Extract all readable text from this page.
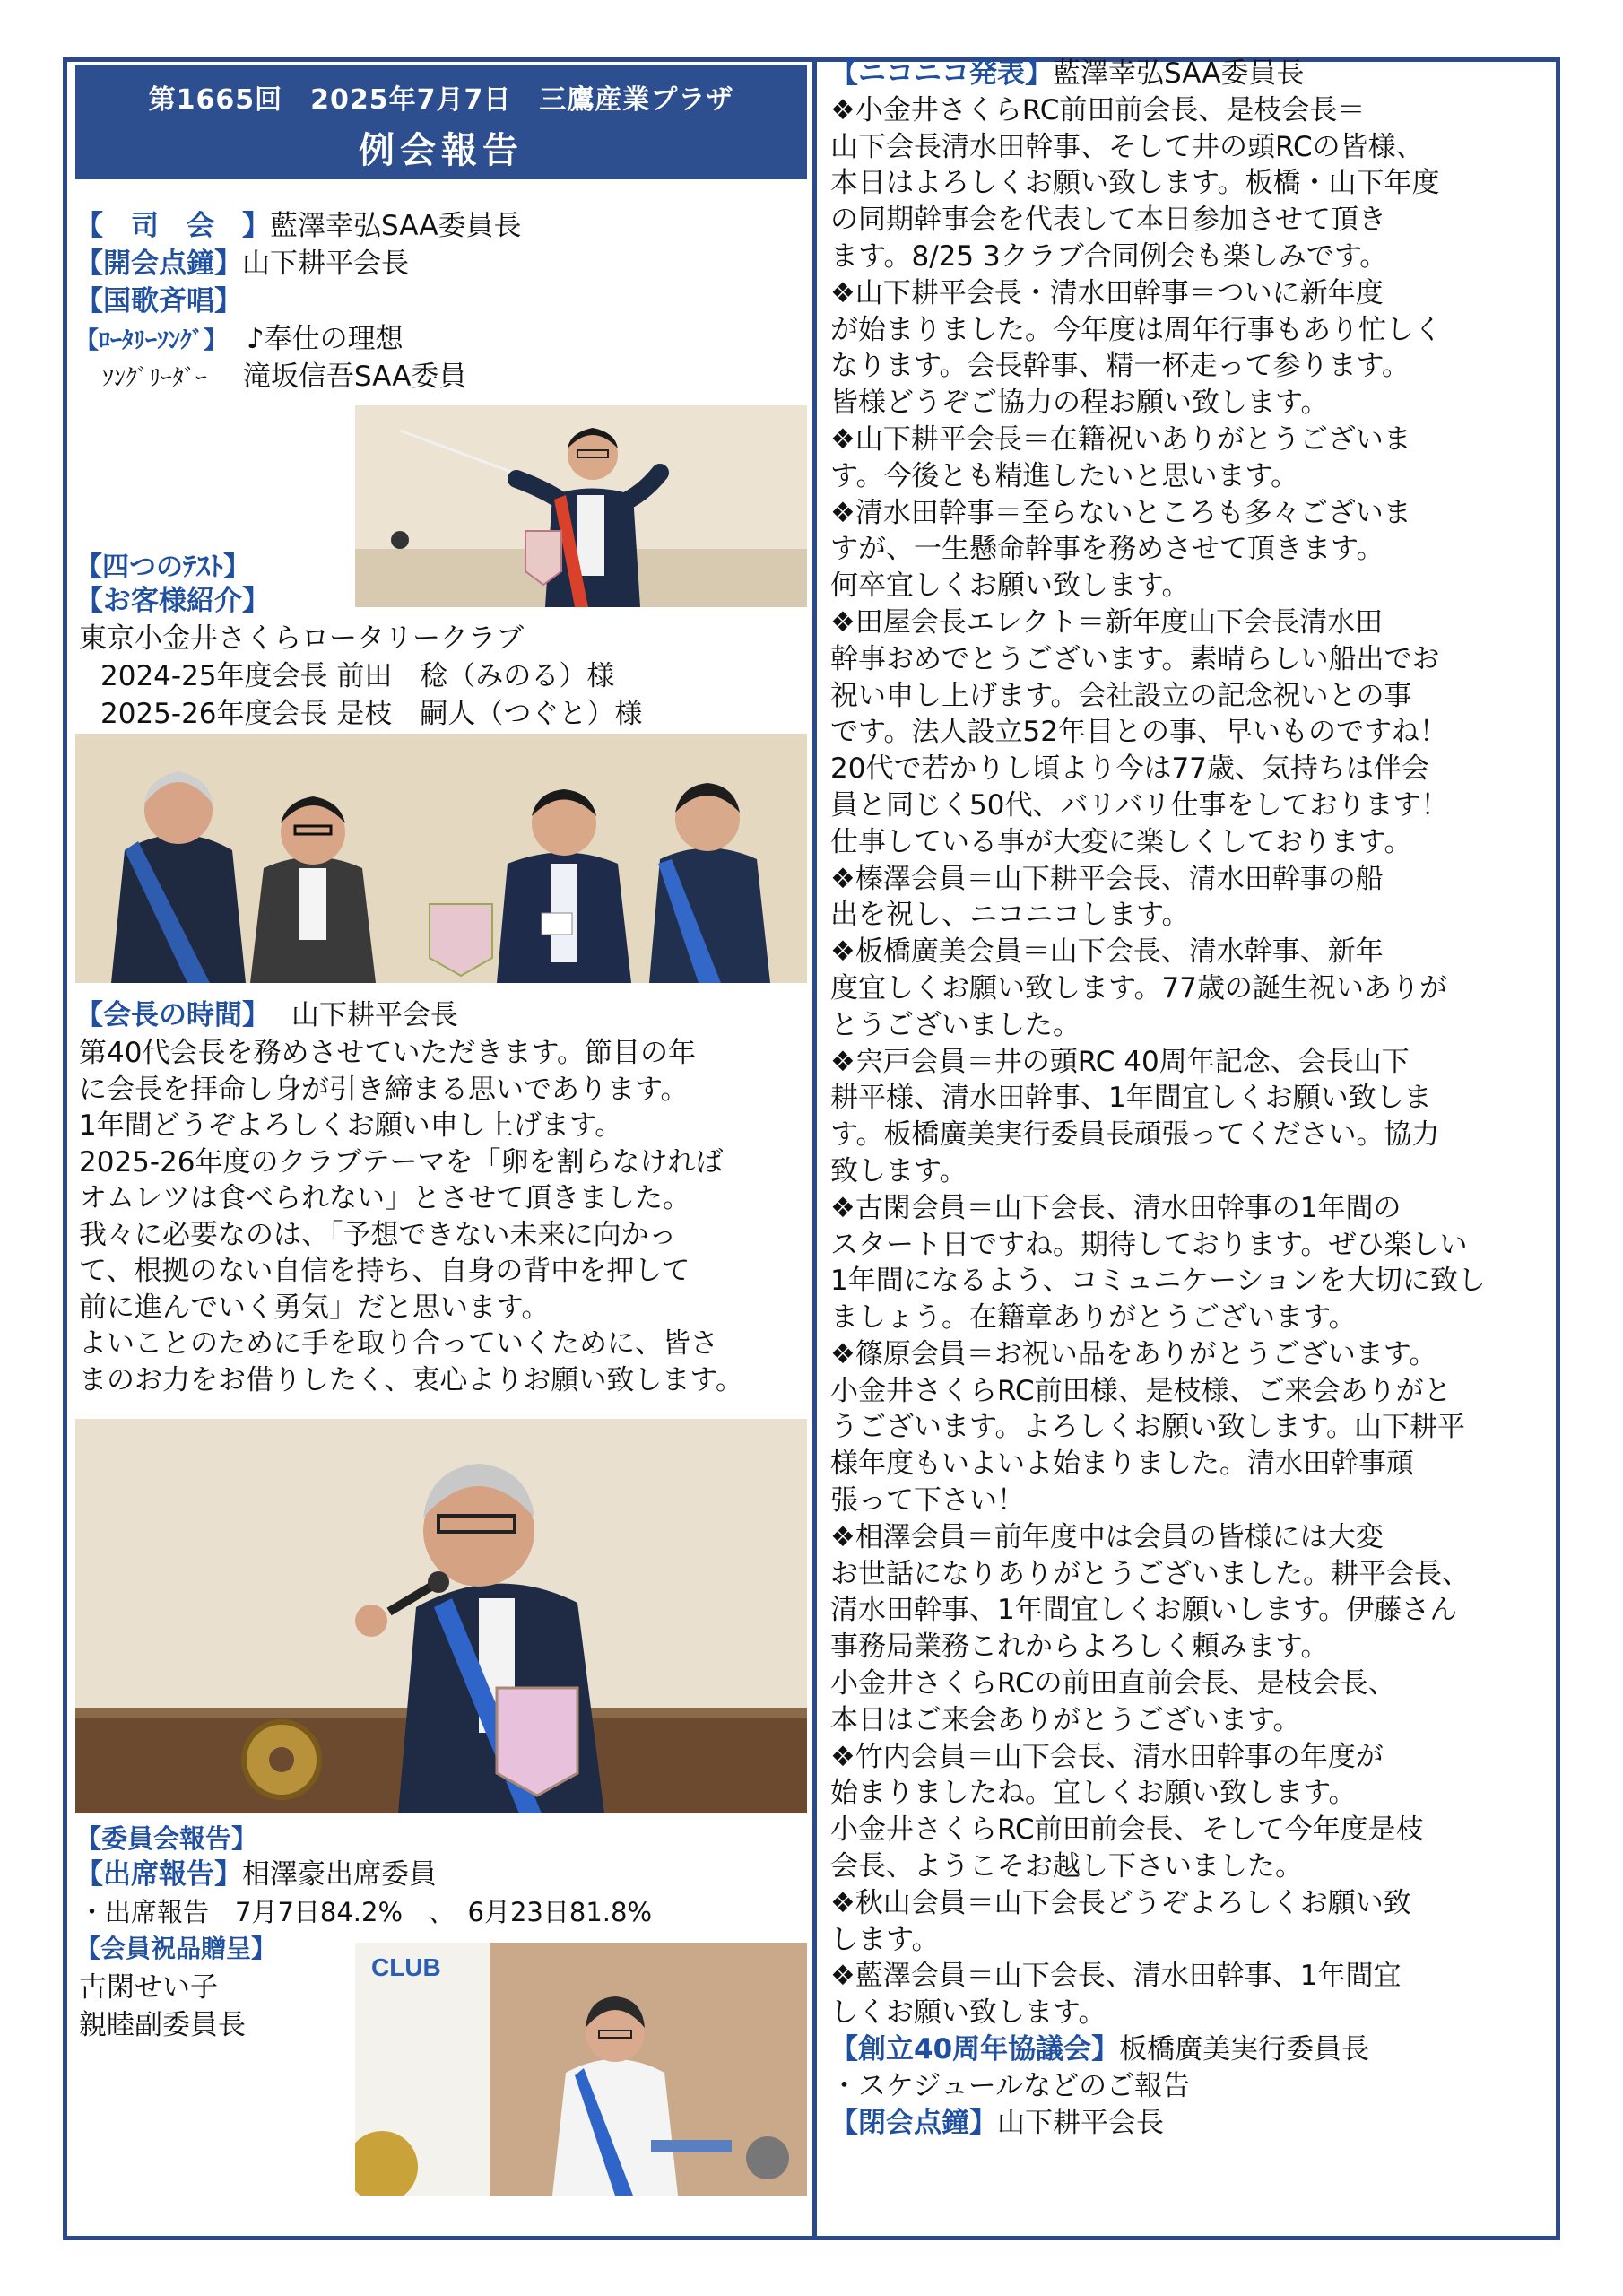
第1665回　2025年7月7日　三鷹産業プラザ
例会報告
【　司　会　】藍澤幸弘SAA委員長
【開会点鐘】山下耕平会長
【国歌斉唱】
【ﾛｰﾀﾘｰｿﾝｸﾞ】 ♪奉仕の理想
ｿﾝｸﾞﾘｰﾀﾞｰ 滝坂信吾SAA委員
【四つのﾃｽﾄ】
【お客様紹介】
東京小金井さくらロータリークラブ
2024-25年度会長 前田　稔（みのる）様
2025-26年度会長 是枝　嗣人（つぐと）様
【会長の時間】 山下耕平会長
第40代会長を務めさせていただきます。節目の年
に会長を拝命し身が引き締まる思いであります。
1年間どうぞよろしくお願い申し上げます。
2025-26年度のクラブテーマを「卵を割らなければ
オムレツは食べられない」とさせて頂きました。
我々に必要なのは、「予想できない未来に向かっ
て、根拠のない自信を持ち、自身の背中を押して
前に進んでいく勇気」だと思います。
よいことのために手を取り合っていくために、皆さ
まのお力をお借りしたく、衷心よりお願い致します。
【委員会報告】
【出席報告】相澤豪出席委員
・出席報告　7月7日84.2%　、　6月23日81.8%
【会員祝品贈呈】
古閑せい子
親睦副委員長
CLUB
【ニコニコ発表】藍澤幸弘SAA委員長
❖小金井さくらRC前田前会長、是枝会長＝
山下会長清水田幹事、そして井の頭RCの皆様、
本日はよろしくお願い致します。板橋・山下年度
の同期幹事会を代表して本日参加させて頂き
ます。8/25 3クラブ合同例会も楽しみです。
❖山下耕平会長・清水田幹事＝ついに新年度
が始まりました。今年度は周年行事もあり忙しく
なります。会長幹事、精一杯走って参ります。
皆様どうぞご協力の程お願い致します。
❖山下耕平会長＝在籍祝いありがとうございま
す。今後とも精進したいと思います。
❖清水田幹事＝至らないところも多々ございま
すが、一生懸命幹事を務めさせて頂きます。
何卒宜しくお願い致します。
❖田屋会長エレクト＝新年度山下会長清水田
幹事おめでとうございます。素晴らしい船出でお
祝い申し上げます。会社設立の記念祝いとの事
です。法人設立52年目との事、早いものですね！
20代で若かりし頃より今は77歳、気持ちは伴会
員と同じく50代、バリバリ仕事をしております！
仕事している事が大変に楽しくしております。
❖榛澤会員＝山下耕平会長、清水田幹事の船
出を祝し、ニコニコします。
❖板橋廣美会員＝山下会長、清水幹事、新年
度宜しくお願い致します。77歳の誕生祝いありが
とうございました。
❖宍戸会員＝井の頭RC 40周年記念、会長山下
耕平様、清水田幹事、1年間宜しくお願い致しま
す。板橋廣美実行委員長頑張ってください。協力
致します。
❖古閑会員＝山下会長、清水田幹事の1年間の
スタート日ですね。期待しております。ぜひ楽しい
1年間になるよう、コミュニケーションを大切に致し
ましょう。在籍章ありがとうございます。
❖篠原会員＝お祝い品をありがとうございます。
小金井さくらRC前田様、是枝様、ご来会ありがと
うございます。よろしくお願い致します。山下耕平
様年度もいよいよ始まりました。清水田幹事頑
張って下さい！
❖相澤会員＝前年度中は会員の皆様には大変
お世話になりありがとうございました。耕平会長、
清水田幹事、1年間宜しくお願いします。伊藤さん
事務局業務これからよろしく頼みます。
小金井さくらRCの前田直前会長、是枝会長、
本日はご来会ありがとうございます。
❖竹内会員＝山下会長、清水田幹事の年度が
始まりましたね。宜しくお願い致します。
小金井さくらRC前田前会長、そして今年度是枝
会長、ようこそお越し下さいました。
❖秋山会員＝山下会長どうぞよろしくお願い致
します。
❖藍澤会員＝山下会長、清水田幹事、1年間宜
しくお願い致します。
【創立40周年協議会】板橋廣美実行委員長
・スケジュールなどのご報告
【閉会点鐘】山下耕平会長
